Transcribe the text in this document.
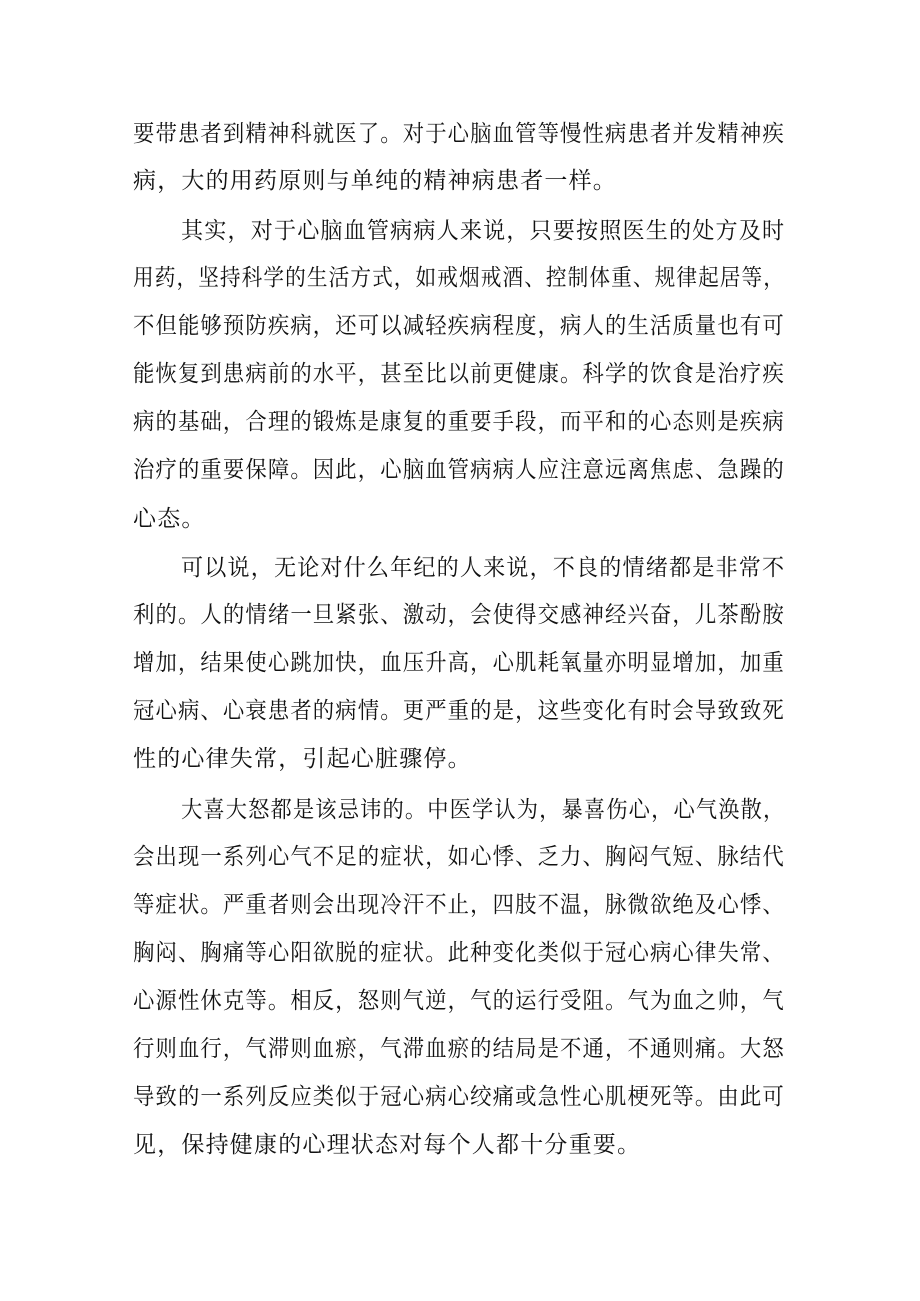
要带患者到精神科就医了。对于心脑血管等慢性病患者并发精神疾
病，大的用药原则与单纯的精神病患者一样。
其实，对于心脑血管病病人来说，只要按照医生的处方及时
用药，坚持科学的生活方式，如戒烟戒酒、控制体重、规律起居等，
不但能够预防疾病，还可以减轻疾病程度，病人的生活质量也有可
能恢复到患病前的水平，甚至比以前更健康。科学的饮食是治疗疾
病的基础，合理的锻炼是康复的重要手段，而平和的心态则是疾病
治疗的重要保障。因此，心脑血管病病人应注意远离焦虑、急躁的
心态。
可以说，无论对什么年纪的人来说，不良的情绪都是非常不
利的。人的情绪一旦紧张、激动，会使得交感神经兴奋，儿茶酚胺
增加，结果使心跳加快，血压升高，心肌耗氧量亦明显增加，加重
冠心病、心衰患者的病情。更严重的是，这些变化有时会导致致死
性的心律失常，引起心脏骤停。
大喜大怒都是该忌讳的。中医学认为，暴喜伤心，心气涣散，
会出现一系列心气不足的症状，如心悸、乏力、胸闷气短、脉结代
等症状。严重者则会出现冷汗不止，四肢不温，脉微欲绝及心悸、
胸闷、胸痛等心阳欲脱的症状。此种变化类似于冠心病心律失常、
心源性休克等。相反，怒则气逆，气的运行受阻。气为血之帅，气
行则血行，气滞则血瘀，气滞血瘀的结局是不通，不通则痛。大怒
导致的一系列反应类似于冠心病心绞痛或急性心肌梗死等。由此可
见，保持健康的心理状态对每个人都十分重要。
